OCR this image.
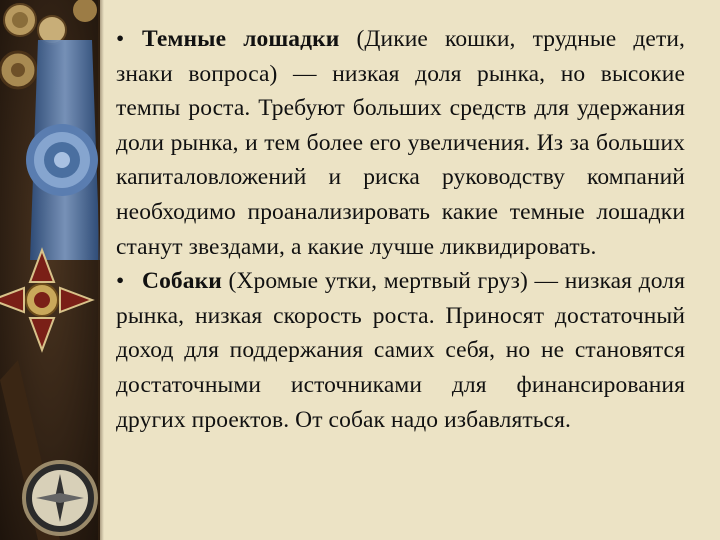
• Темные лошадки (Дикие кошки, трудные дети, знаки вопроса) — низкая доля рынка, но высокие темпы роста. Требуют больших средств для удержания доли рынка, и тем более его увеличения. Из за больших капиталовложений и риска руководству компаний необходимо проанализировать какие темные лошадки станут звездами, а какие лучше ликвидировать.

• Собаки (Хромые утки, мертвый груз) — низкая доля рынка, низкая скорость роста. Приносят достаточный доход для поддержания самих себя, но не становятся достаточными источниками для финансирования других проектов. От собак надо избавляться.
